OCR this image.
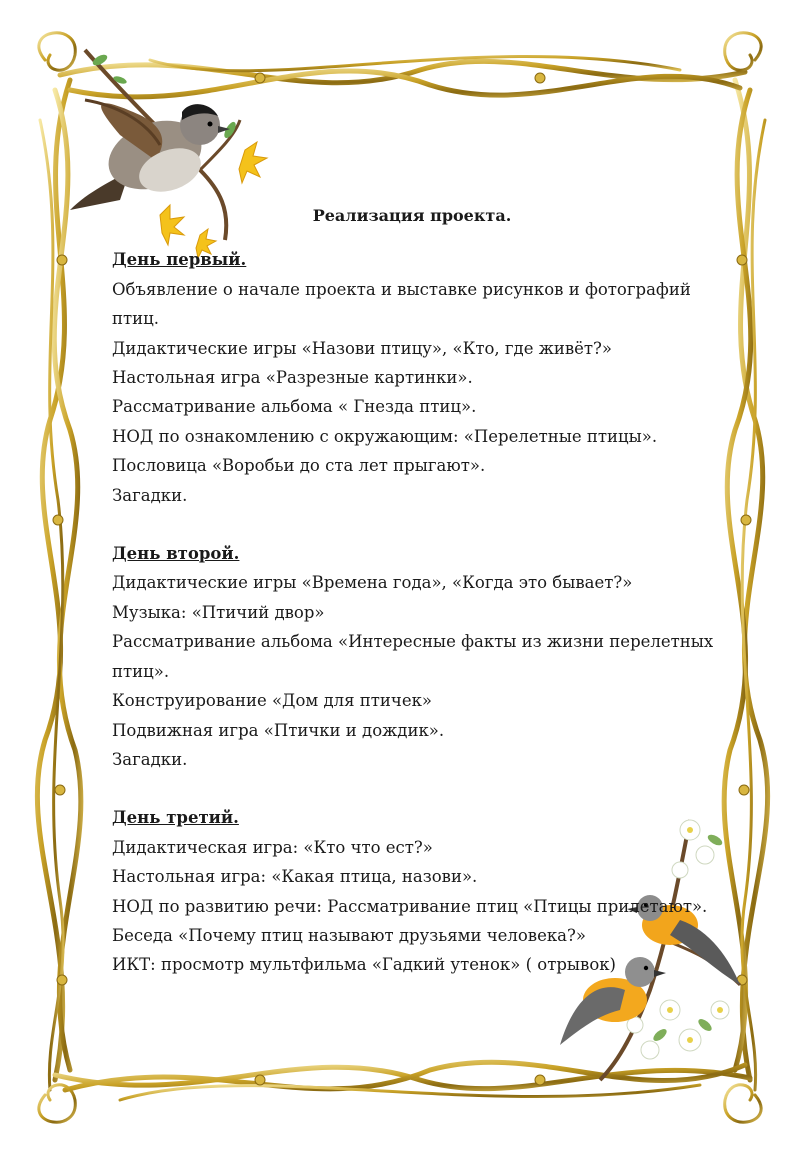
Реализация проекта.

День первый.

Объявление о начале проекта и выставке рисунков и фотографий

птиц.

Дидактические игры «Назови птицу», «Кто, где живёт?»

Настольная игра «Разрезные картинки».

Рассматривание альбома « Гнезда птиц».

НОД по ознакомлению с окружающим: «Перелетные птицы».

Пословица «Воробьи до ста лет прыгают».

Загадки.

День второй.

Дидактические игры «Времена года», «Когда это бывает?»

Музыка: «Птичий двор»

Рассматривание альбома «Интересные факты из жизни перелетных

птиц».

Конструирование «Дом для птичек»

Подвижная игра «Птички и дождик».

Загадки.

День третий.

Дидактическая игра: «Кто что ест?»

Настольная игра: «Какая птица, назови».

НОД по развитию речи: Рассматривание птиц «Птицы прилетают».

Беседа «Почему птиц называют друзьями человека?»

ИКТ: просмотр мультфильма «Гадкий утенок» ( отрывок)
